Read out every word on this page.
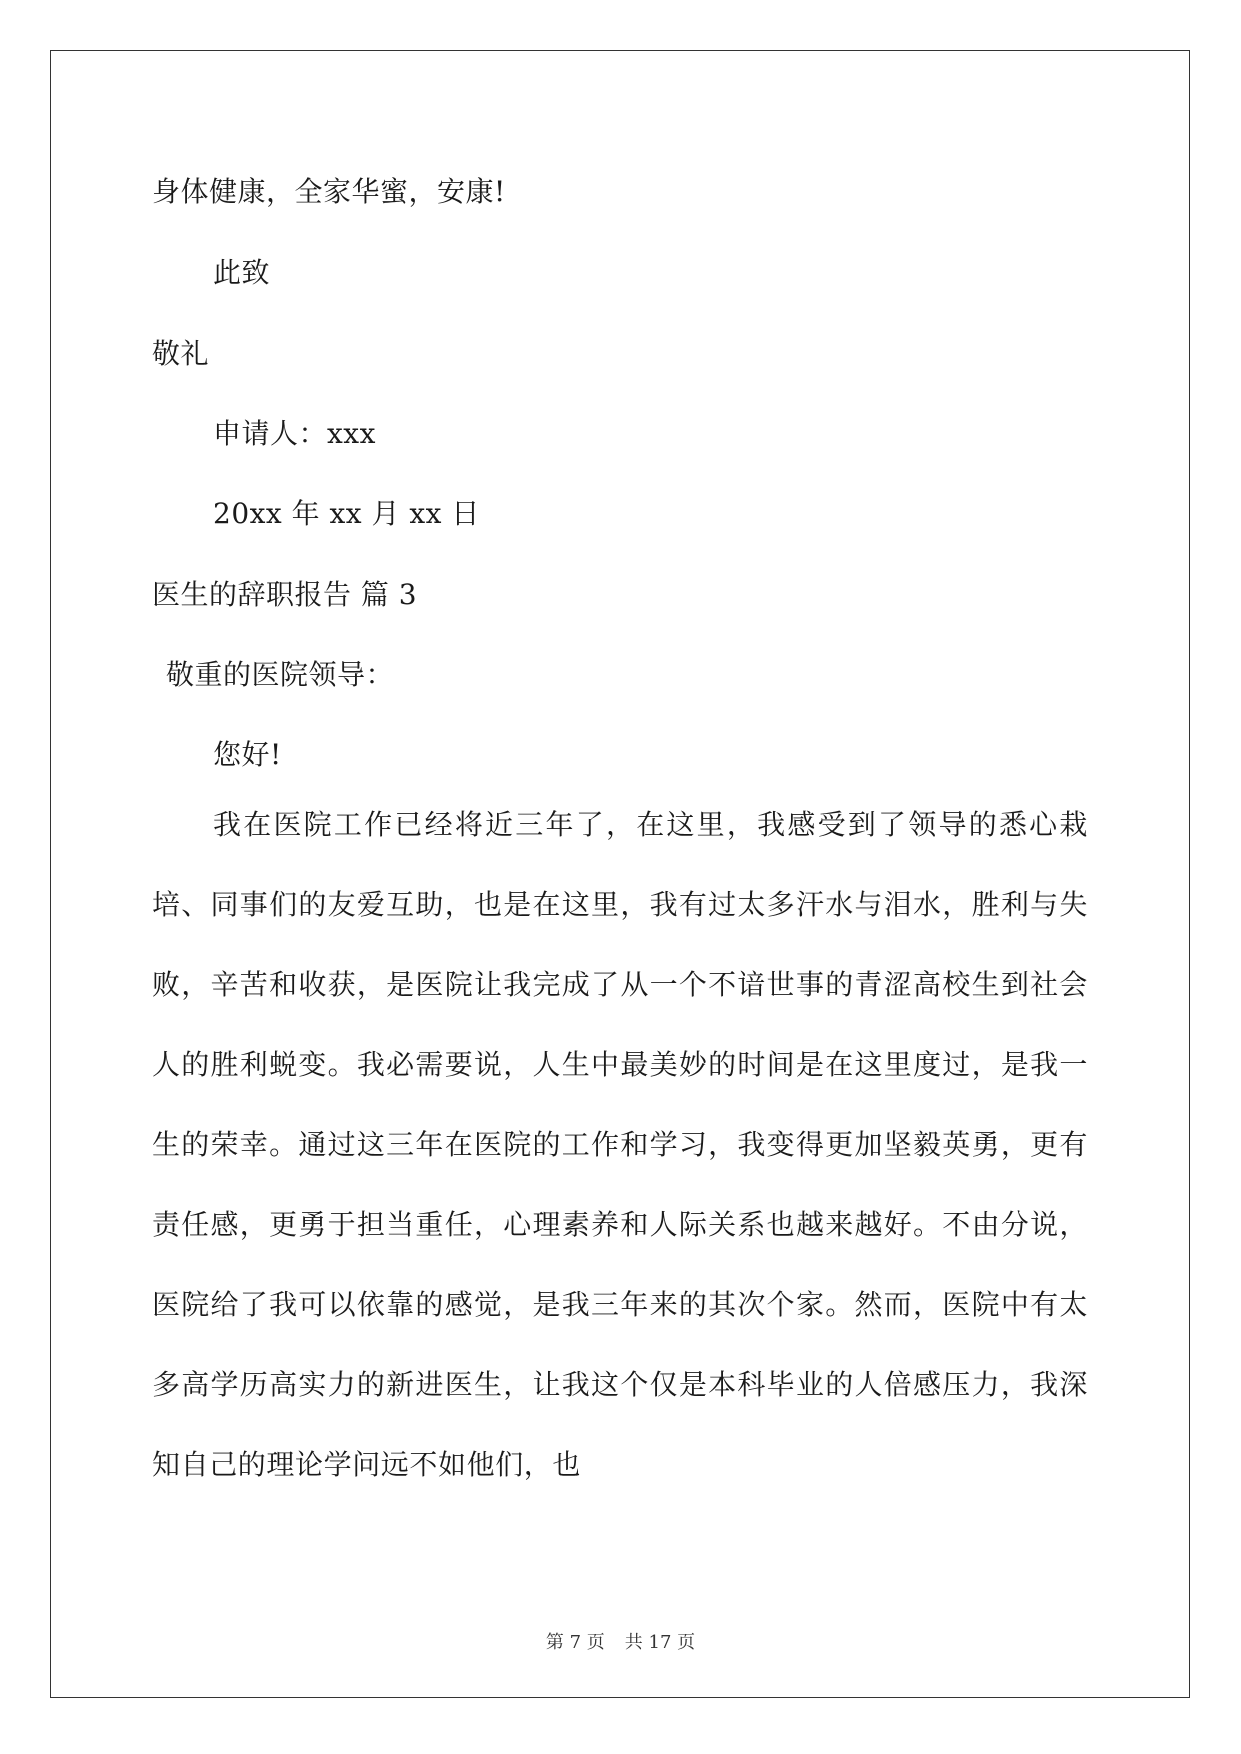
身体健康，全家华蜜，安康!
此致
敬礼
申请人：xxx
20xx 年 xx 月 xx 日
医生的辞职报告 篇 3
敬重的医院领导：
您好!
我在医院工作已经将近三年了，在这里，我感受到了领导的悉心栽培、同事们的友爱互助，也是在这里，我有过太多汗水与泪水，胜利与失败，辛苦和收获，是医院让我完成了从一个不谙世事的青涩高校生到社会人的胜利蜕变。我必需要说，人生中最美妙的时间是在这里度过，是我一生的荣幸。通过这三年在医院的工作和学习，我变得更加坚毅英勇，更有责任感，更勇于担当重任，心理素养和人际关系也越来越好。不由分说，医院给了我可以依靠的感觉，是我三年来的其次个家。然而，医院中有太多高学历高实力的新进医生，让我这个仅是本科毕业的人倍感压力，我深知自己的理论学问远不如他们，也
第 7 页 共 17 页
